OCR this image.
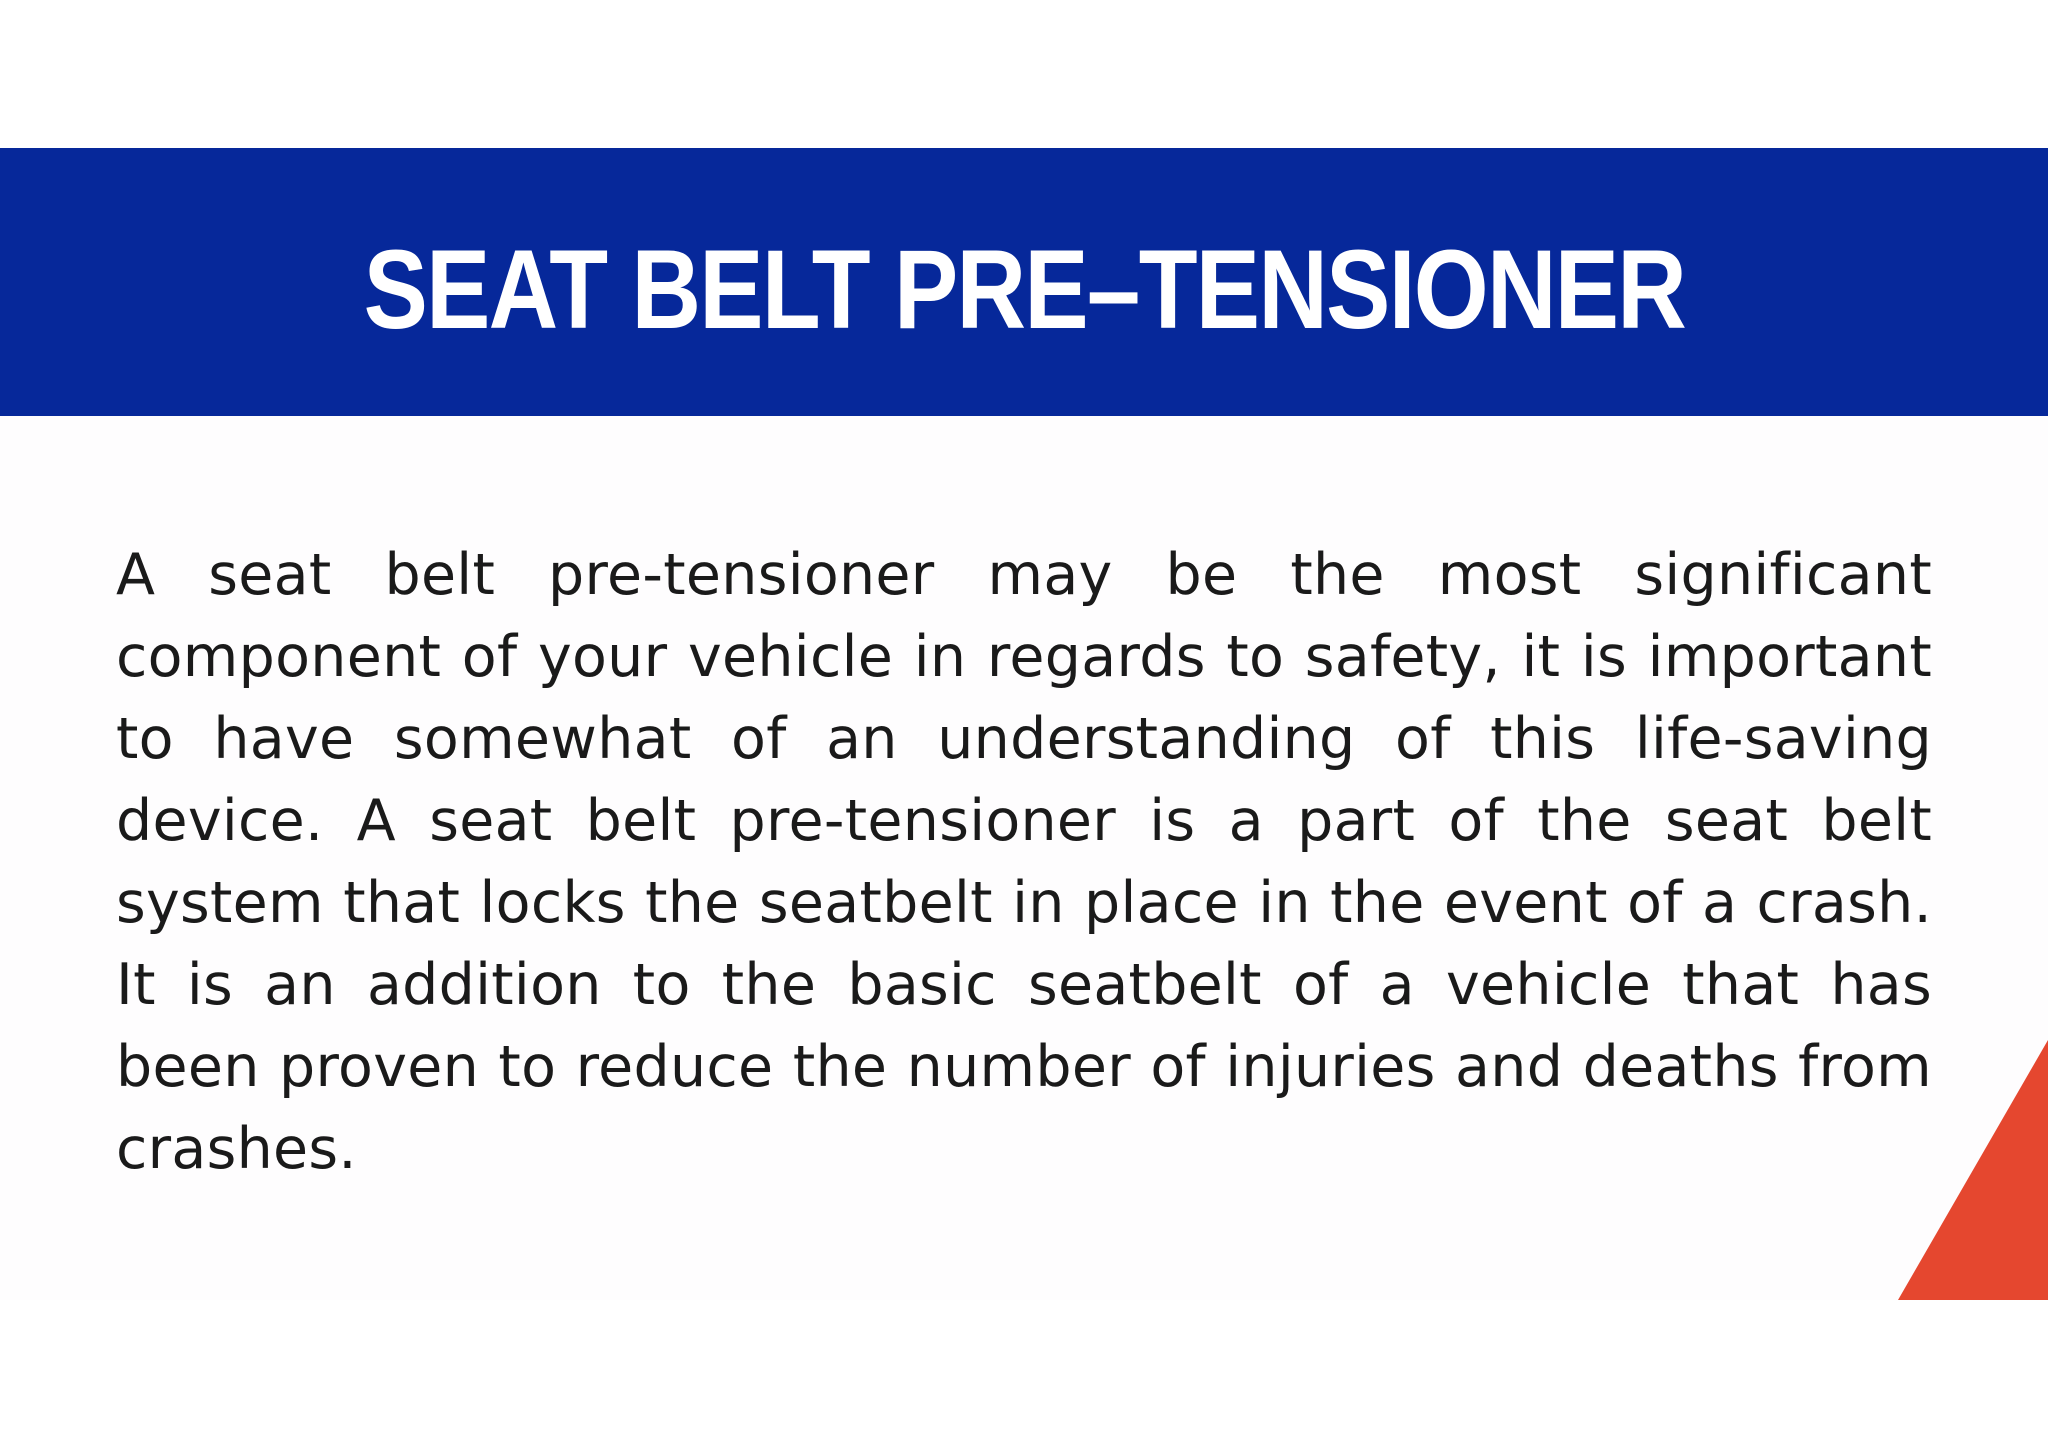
SEAT BELT PRE–TENSIONER

A seat belt pre-tensioner may be the most significant component of your vehicle in regards to safety, it is important to have somewhat of an understanding of this life-saving device. A seat belt pre-tensioner is a part of the seat belt system that locks the seatbelt in place in the event of a crash. It is an addition to the basic seatbelt of a vehicle that has been proven to reduce the number of injuries and deaths from crashes.
